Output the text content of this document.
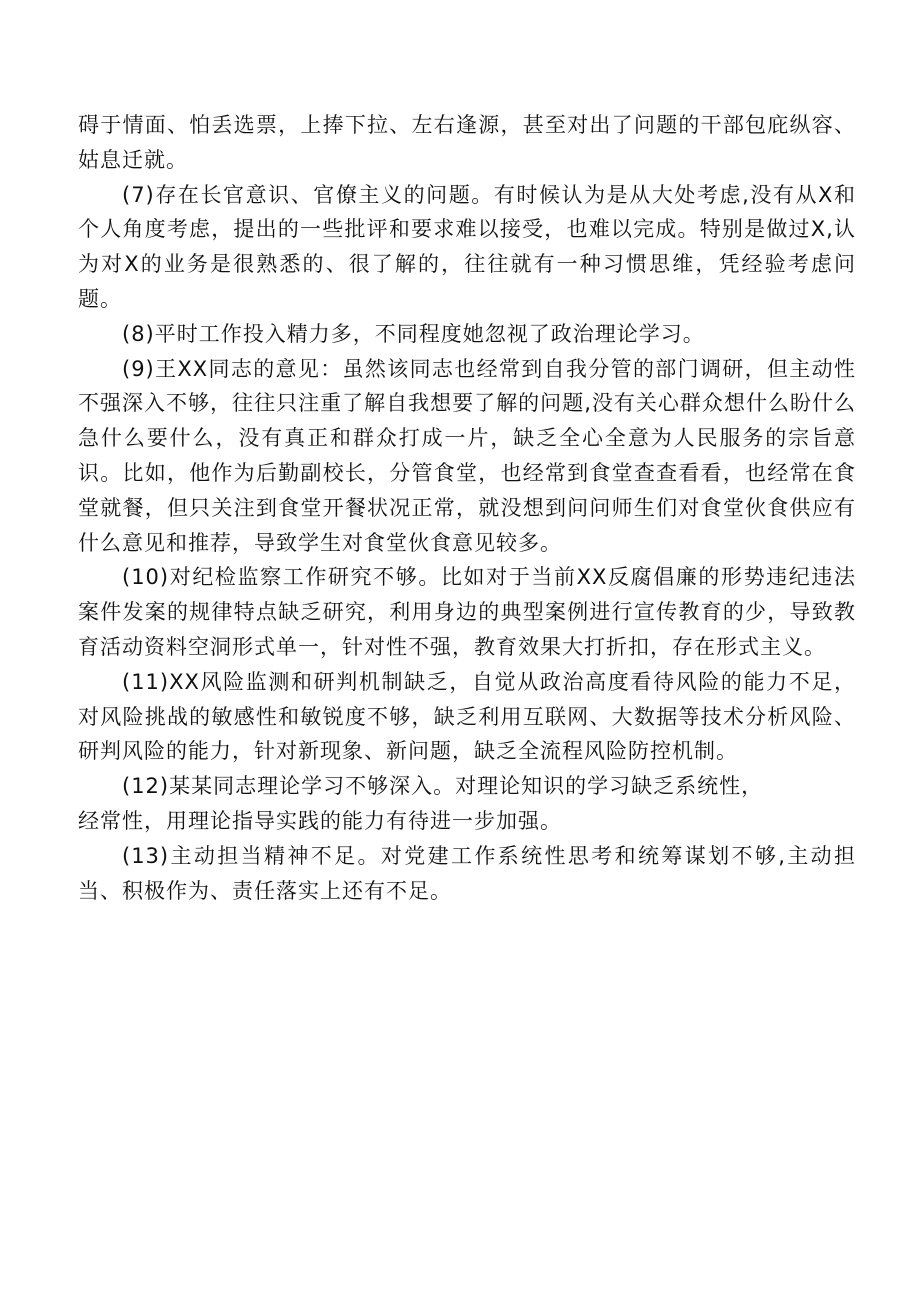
碍于情面、怕丢选票，上捧下拉、左右逢源，甚至对出了问题的干部包庇纵容、姑息迁就。

(7)存在长官意识、官僚主义的问题。有时候认为是从大处考虑,没有从X和个人角度考虑，提出的一些批评和要求难以接受，也难以完成。特别是做过X,认为对X的业务是很熟悉的、很了解的，往往就有一种习惯思维，凭经验考虑问题。

(8)平时工作投入精力多，不同程度她忽视了政治理论学习。

(9)王XX同志的意见：虽然该同志也经常到自我分管的部门调研，但主动性不强深入不够，往往只注重了解自我想要了解的问题,没有关心群众想什么盼什么急什么要什么，没有真正和群众打成一片，缺乏全心全意为人民服务的宗旨意识。比如，他作为后勤副校长，分管食堂，也经常到食堂查查看看，也经常在食堂就餐，但只关注到食堂开餐状况正常，就没想到问问师生们对食堂伙食供应有什么意见和推荐，导致学生对食堂伙食意见较多。

(10)对纪检监察工作研究不够。比如对于当前XX反腐倡廉的形势违纪违法案件发案的规律特点缺乏研究，利用身边的典型案例进行宣传教育的少，导致教育活动资料空洞形式单一，针对性不强，教育效果大打折扣，存在形式主义。

(11)XX风险监测和研判机制缺乏，自觉从政治高度看待风险的能力不足，对风险挑战的敏感性和敏锐度不够，缺乏利用互联网、大数据等技术分析风险、研判风险的能力，针对新现象、新问题，缺乏全流程风险防控机制。

(12)某某同志理论学习不够深入。对理论知识的学习缺乏系统性，

经常性，用理论指导实践的能力有待进一步加强。

(13)主动担当精神不足。对党建工作系统性思考和统筹谋划不够,主动担当、积极作为、责任落实上还有不足。
